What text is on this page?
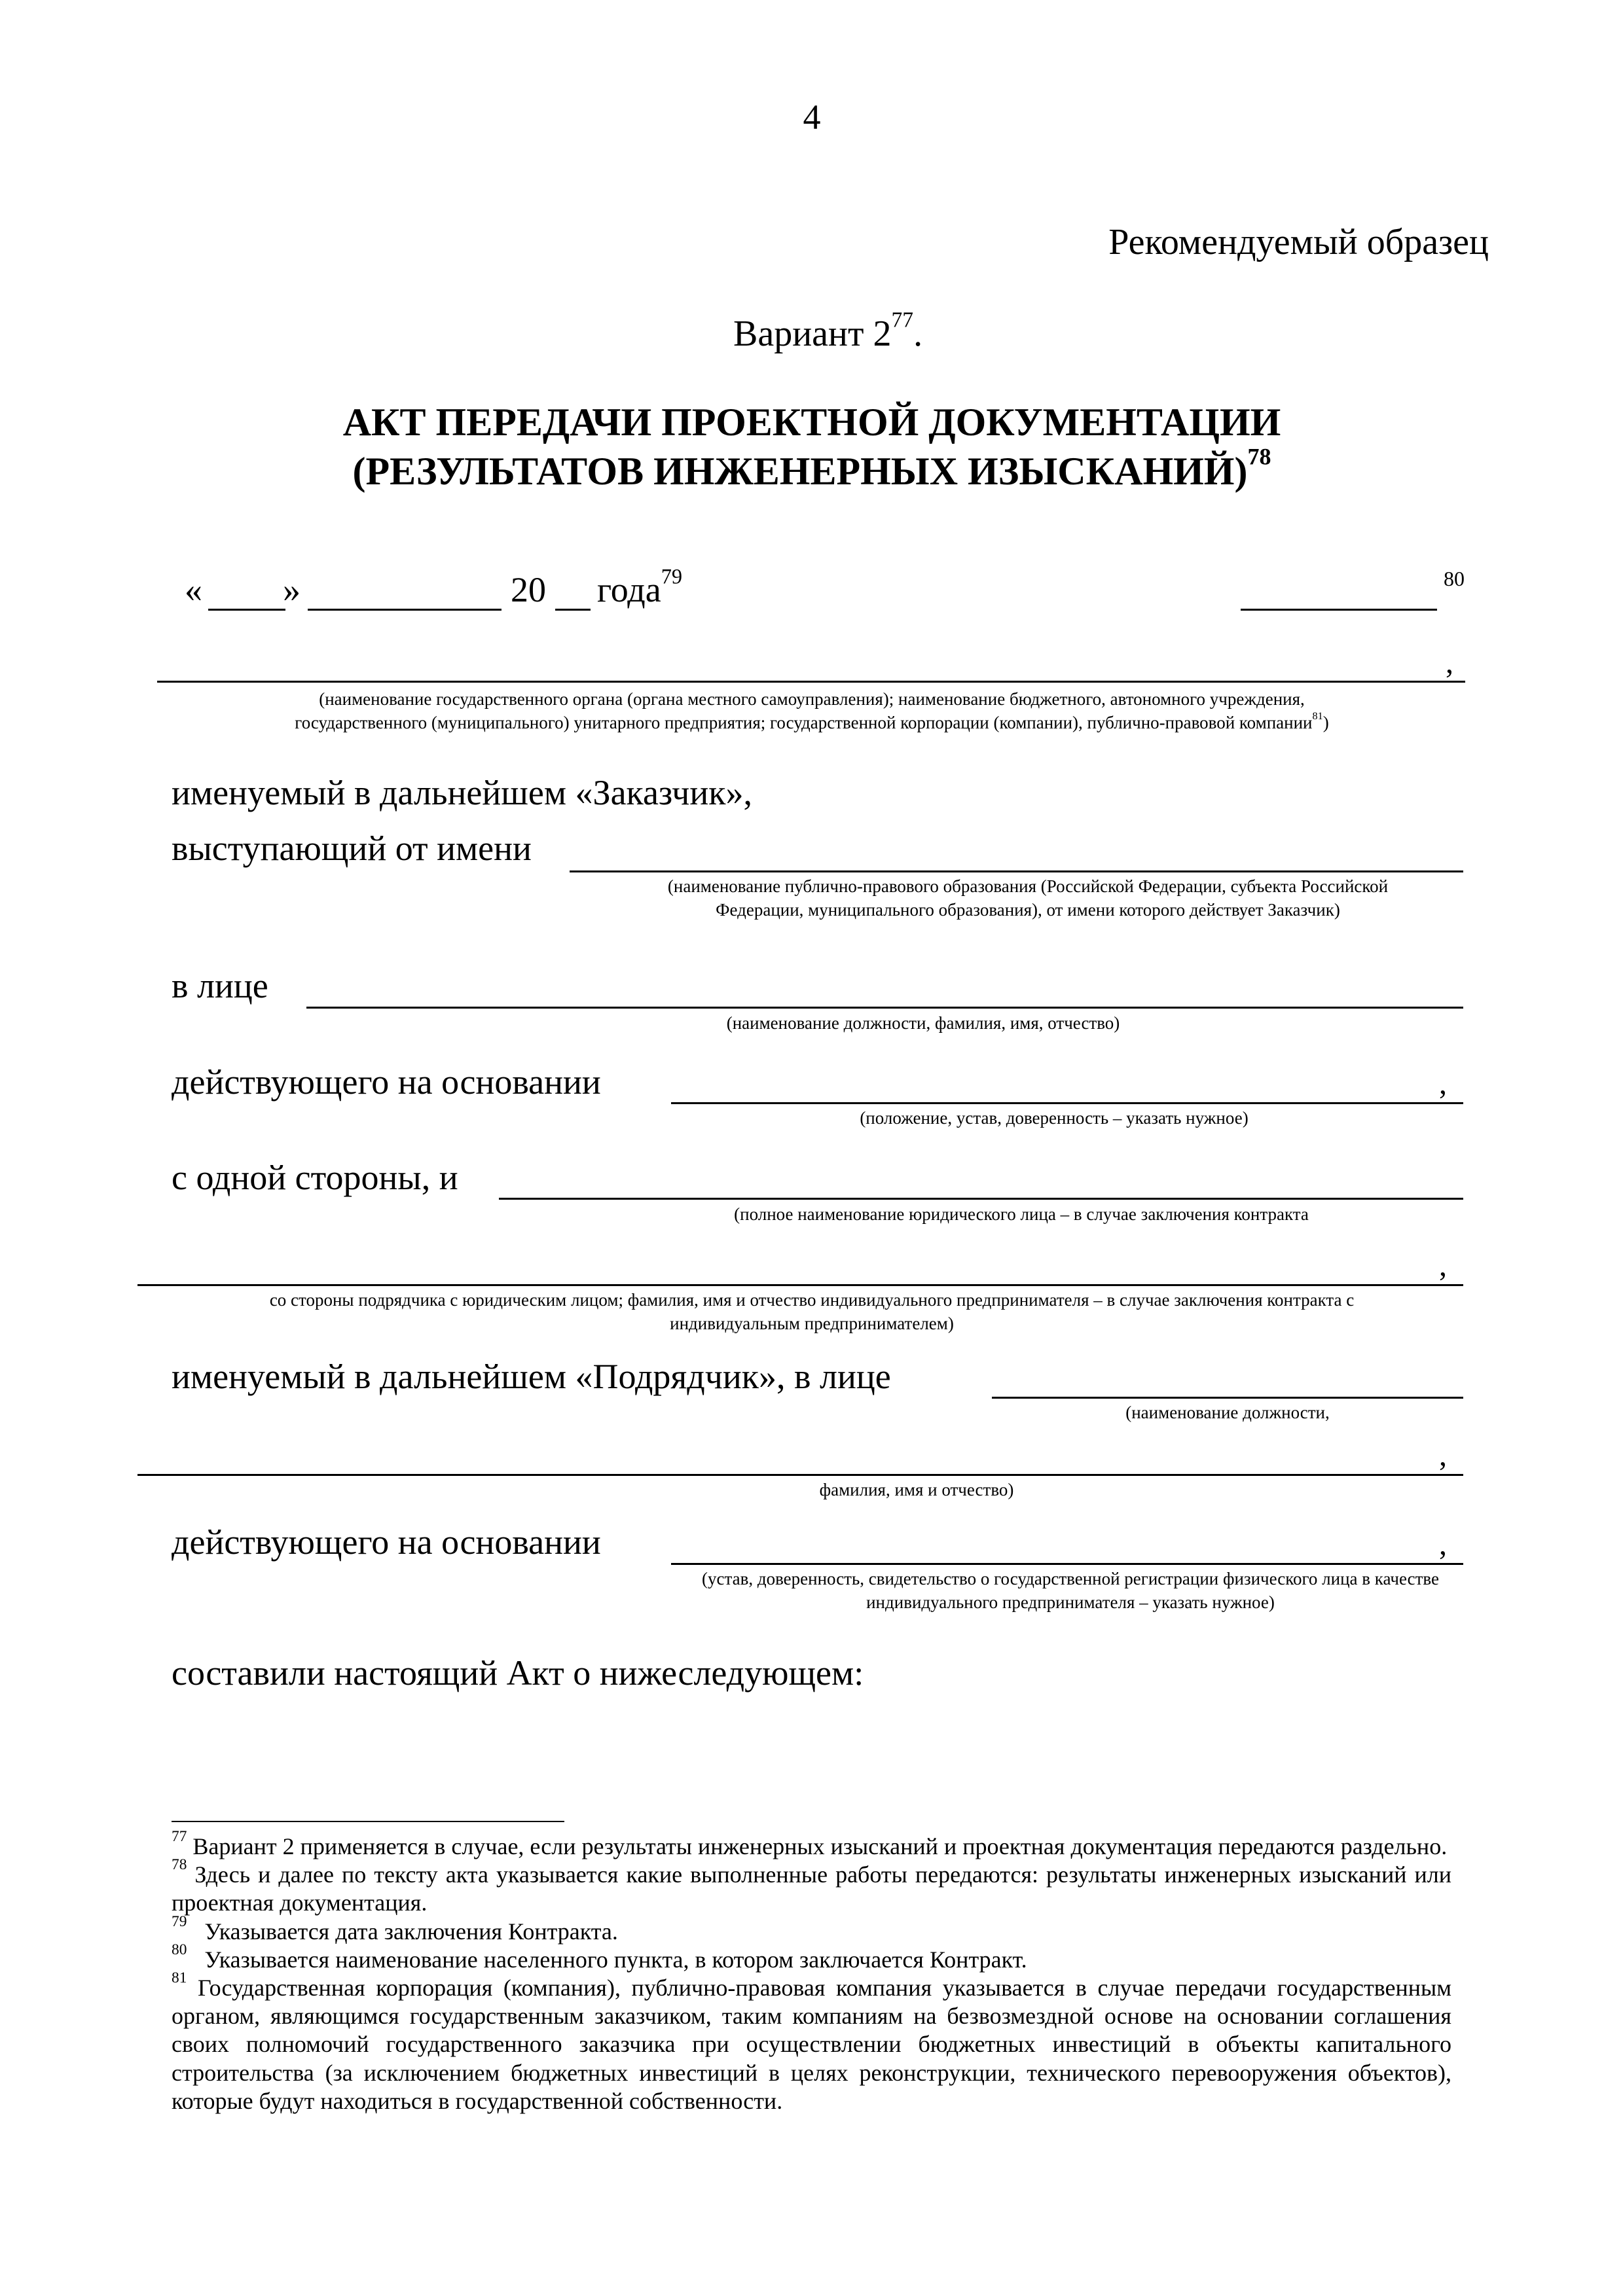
4
Рекомендуемый образец
Вариант $2^{77}$.
АКТ ПЕРЕДАЧИ ПРОЕКТНОЙ ДОКУМЕНТАЦИИ
(РЕЗУЛЬТАТОВ ИНЖЕНЕРНЫХ ИЗЫСКАНИЙ)$^{78}$
« »	20 года$^{79}$	80
,
(наименование государственного органа (органа местного самоуправления); наименование бюджетного, автономного учреждения,
государственного (муниципального) унитарного предприятия; государственной корпорации (компании), публично-правовой компании$^{81}$)
именуемый в дальнейшем «Заказчик»,
выступающий от имени
(наименование публично-правового образования (Российской Федерации, субъекта Российской Федерации, муниципального образования), от имени которого действует Заказчик)
в лице
(наименование должности, фамилия, имя, отчество)
действующего на основании	,
(положение, устав, доверенность – указать нужное)
с одной стороны, и
(полное наименование юридического лица – в случае заключения контракта
,
со стороны подрядчика с юридическим лицом; фамилия, имя и отчество индивидуального предпринимателя – в случае заключения контракта с индивидуальным предпринимателем)
именуемый в дальнейшем «Подрядчик», в лице
(наименование должности,
,
фамилия, имя и отчество)
действующего на основании	,
(устав, доверенность, свидетельство о государственной регистрации физического лица в качестве индивидуального предпринимателя – указать нужное)
составили настоящий Акт о нижеследующем:
$^{77}$ Вариант 2 применяется в случае, если результаты инженерных изысканий и проектная документация передаются раздельно.
$^{78}$ Здесь и далее по тексту акта указывается какие выполненные работы передаются: результаты инженерных изысканий или проектная документация.
$^{79}$ Указывается дата заключения Контракта.
$^{80}$ Указывается наименование населенного пункта, в котором заключается Контракт.
$^{81}$ Государственная корпорация (компания), публично-правовая компания указывается в случае передачи государственным органом, являющимся государственным заказчиком, таким компаниям на безвозмездной основе на основании соглашения своих полномочий государственного заказчика при осуществлении бюджетных инвестиций в объекты капитального строительства (за исключением бюджетных инвестиций в целях реконструкции, технического перевооружения объектов), которые будут находиться в государственной собственности.
